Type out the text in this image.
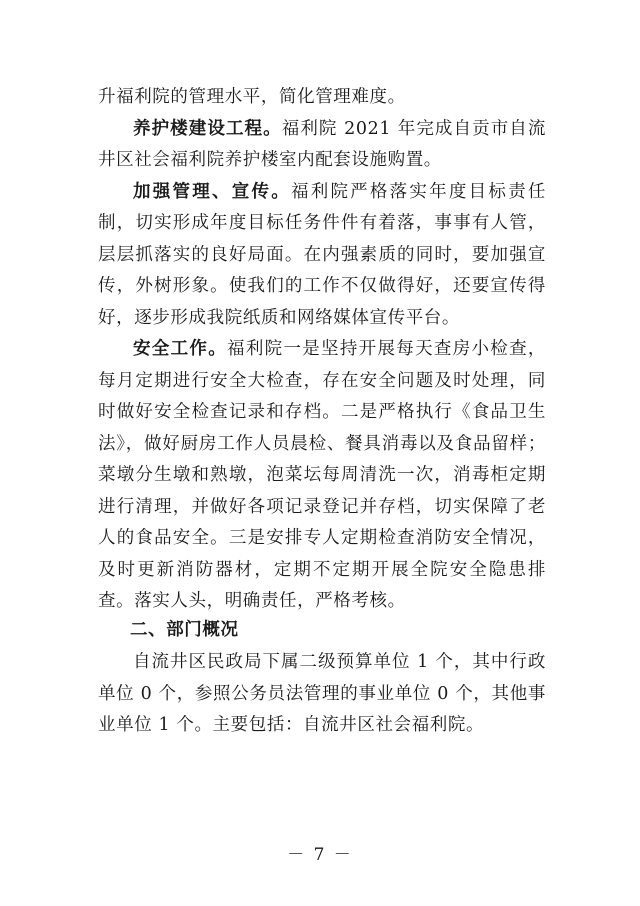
升福利院的管理水平，简化管理难度。

养护楼建设工程。福利院 2021 年完成自贡市自流井区社会福利院养护楼室内配套设施购置。

加强管理、宣传。福利院严格落实年度目标责任制，切实形成年度目标任务件件有着落，事事有人管，层层抓落实的良好局面。在内强素质的同时，要加强宣传，外树形象。使我们的工作不仅做得好，还要宣传得好，逐步形成我院纸质和网络媒体宣传平台。

安全工作。福利院一是坚持开展每天查房小检查，每月定期进行安全大检查，存在安全问题及时处理，同时做好安全检查记录和存档。二是严格执行《食品卫生法》，做好厨房工作人员晨检、餐具消毒以及食品留样；菜墩分生墩和熟墩，泡菜坛每周清洗一次，消毒柜定期进行清理，并做好各项记录登记并存档，切实保障了老人的食品安全。三是安排专人定期检查消防安全情况，及时更新消防器材，定期不定期开展全院安全隐患排查。落实人头，明确责任，严格考核。

二、部门概况

自流井区民政局下属二级预算单位 1 个，其中行政单位 0 个，参照公务员法管理的事业单位 0 个，其他事业单位 1 个。主要包括：自流井区社会福利院。

－ 7 －
